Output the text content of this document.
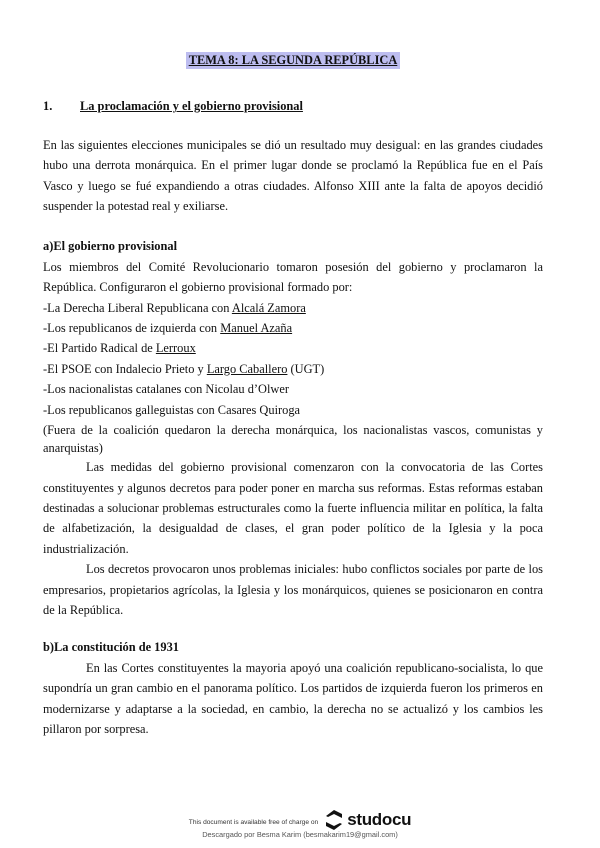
TEMA 8: LA SEGUNDA REPÚBLICA
1.	La proclamación y el gobierno provisional

En las siguientes elecciones municipales se dió un resultado muy desigual: en las grandes ciudades hubo una derrota monárquica. En el primer lugar donde se proclamó la República fue en el País Vasco y luego se fué expandiendo a otras ciudades. Alfonso XIII ante la falta de apoyos decidió suspender la potestad real y exiliarse.

a)El gobierno provisional

Los miembros del Comité Revolucionario tomaron posesión del gobierno y proclamaron la República. Configuraron el gobierno provisional formado por:

-La Derecha Liberal Republicana con Alcalá Zamora

-Los republicanos de izquierda con Manuel Azaña

-El Partido Radical de Lerroux

-El PSOE con Indalecio Prieto y Largo Caballero (UGT)

-Los nacionalistas catalanes con Nicolau d’Olwer

-Los republicanos galleguistas con Casares Quiroga

(Fuera de la coalición quedaron la derecha monárquica, los nacionalistas vascos, comunistas y anarquistas)

Las medidas del gobierno provisional comenzaron con la convocatoria de las Cortes constituyentes y algunos decretos para poder poner en marcha sus reformas. Estas reformas estaban destinadas a solucionar problemas estructurales como la fuerte influencia militar en política, la falta de alfabetización, la desigualdad de clases, el gran poder político de la Iglesia y la poca industrialización.

Los decretos provocaron unos problemas iniciales: hubo conflictos sociales por parte de los empresarios, propietarios agrícolas, la Iglesia y los monárquicos, quienes se posicionaron en contra de la República.

b)La constitución de 1931

En las Cortes constituyentes la mayoria apoyó una coalición republicano-socialista, lo que supondría un gran cambio en el panorama político. Los partidos de izquierda fueron los primeros en modernizarse y adaptarse a la sociedad, en cambio, la derecha no se actualizó y los cambios les pillaron por sorpresa.

This document is available free of charge on studocu
Descargado por Besma Karim (besmakarim19@gmail.com)
